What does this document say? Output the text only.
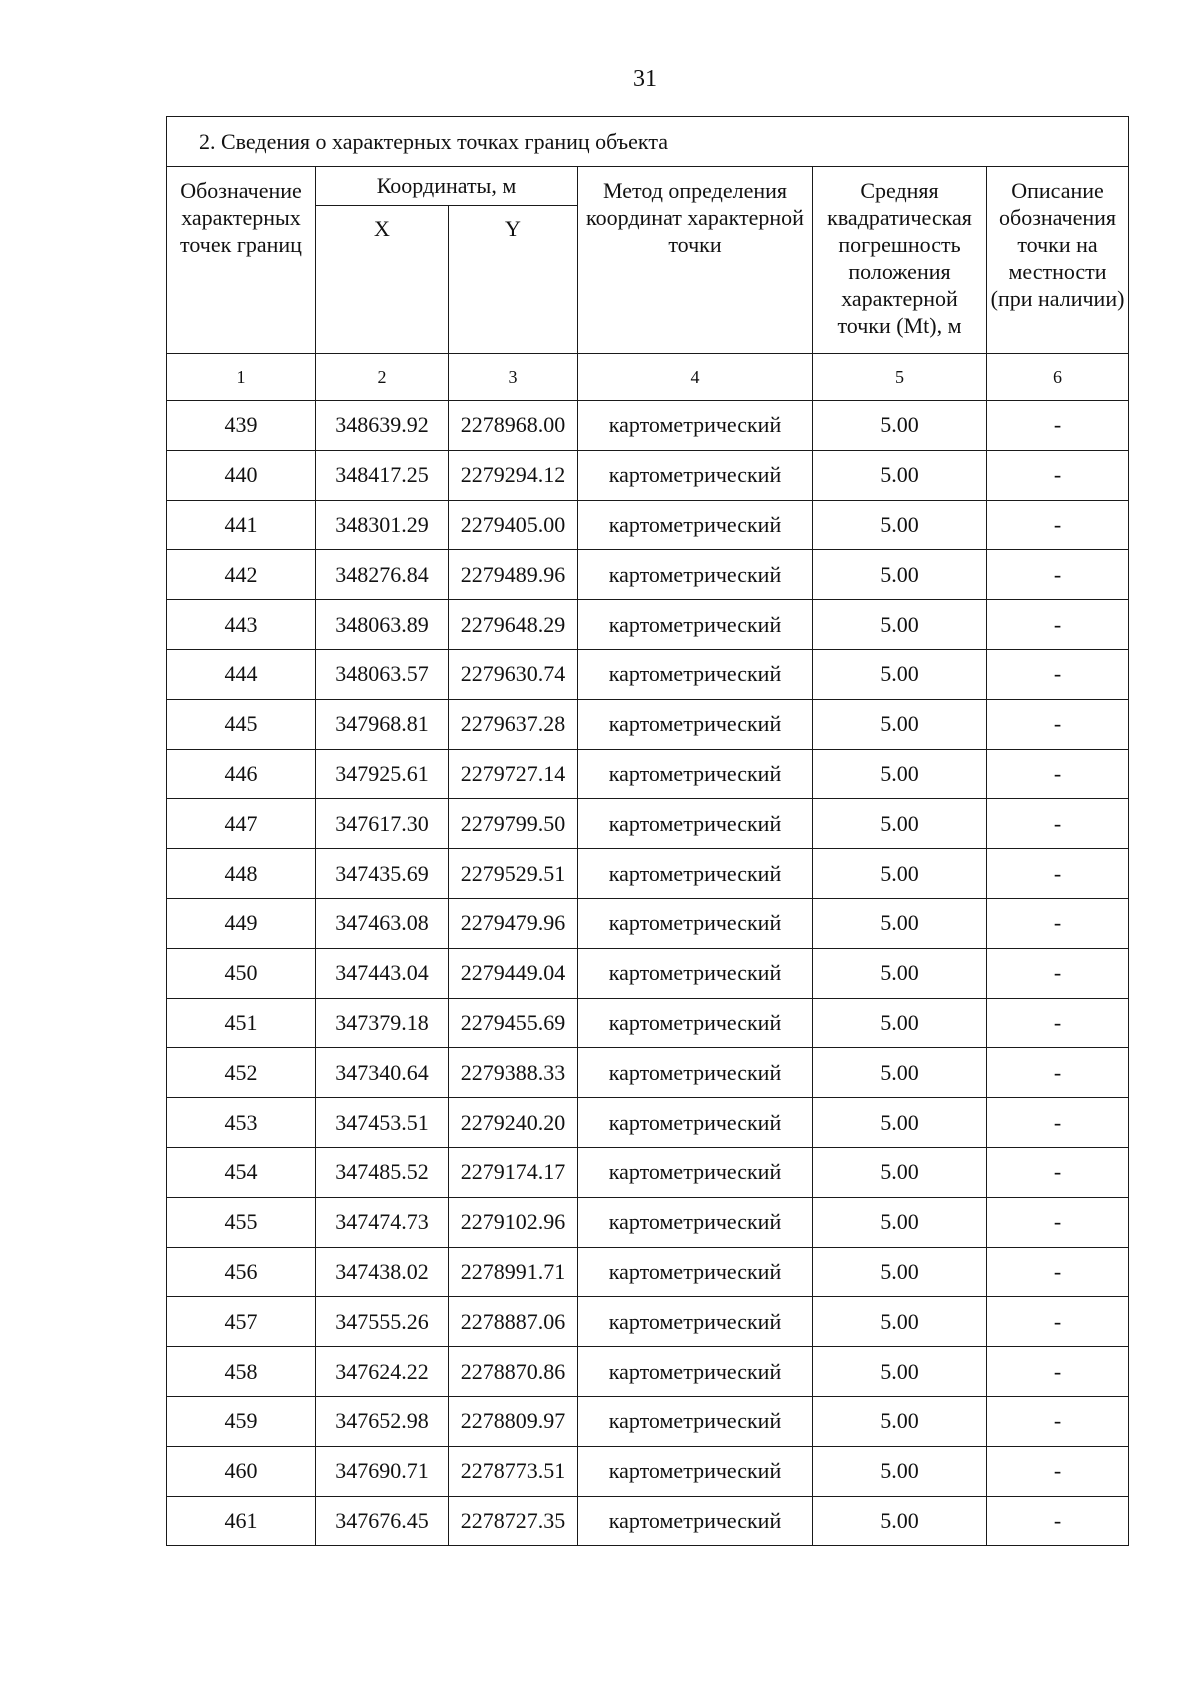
31
2. Сведения о характерных точках границ объекта					
Обозначение характерных точек границ	Координаты, м		Метод определения координат характерной точки	Средняя квадратическая погрешность положения характерной точки (Mt), м	Описание обозначения точки на местности (при наличии)
	X	Y			
1	2	3	4	5	6
439	348639.92	2278968.00	картометрический	5.00	-
440	348417.25	2279294.12	картометрический	5.00	-
441	348301.29	2279405.00	картометрический	5.00	-
442	348276.84	2279489.96	картометрический	5.00	-
443	348063.89	2279648.29	картометрический	5.00	-
444	348063.57	2279630.74	картометрический	5.00	-
445	347968.81	2279637.28	картометрический	5.00	-
446	347925.61	2279727.14	картометрический	5.00	-
447	347617.30	2279799.50	картометрический	5.00	-
448	347435.69	2279529.51	картометрический	5.00	-
449	347463.08	2279479.96	картометрический	5.00	-
450	347443.04	2279449.04	картометрический	5.00	-
451	347379.18	2279455.69	картометрический	5.00	-
452	347340.64	2279388.33	картометрический	5.00	-
453	347453.51	2279240.20	картометрический	5.00	-
454	347485.52	2279174.17	картометрический	5.00	-
455	347474.73	2279102.96	картометрический	5.00	-
456	347438.02	2278991.71	картометрический	5.00	-
457	347555.26	2278887.06	картометрический	5.00	-
458	347624.22	2278870.86	картометрический	5.00	-
459	347652.98	2278809.97	картометрический	5.00	-
460	347690.71	2278773.51	картометрический	5.00	-
461	347676.45	2278727.35	картометрический	5.00	-
